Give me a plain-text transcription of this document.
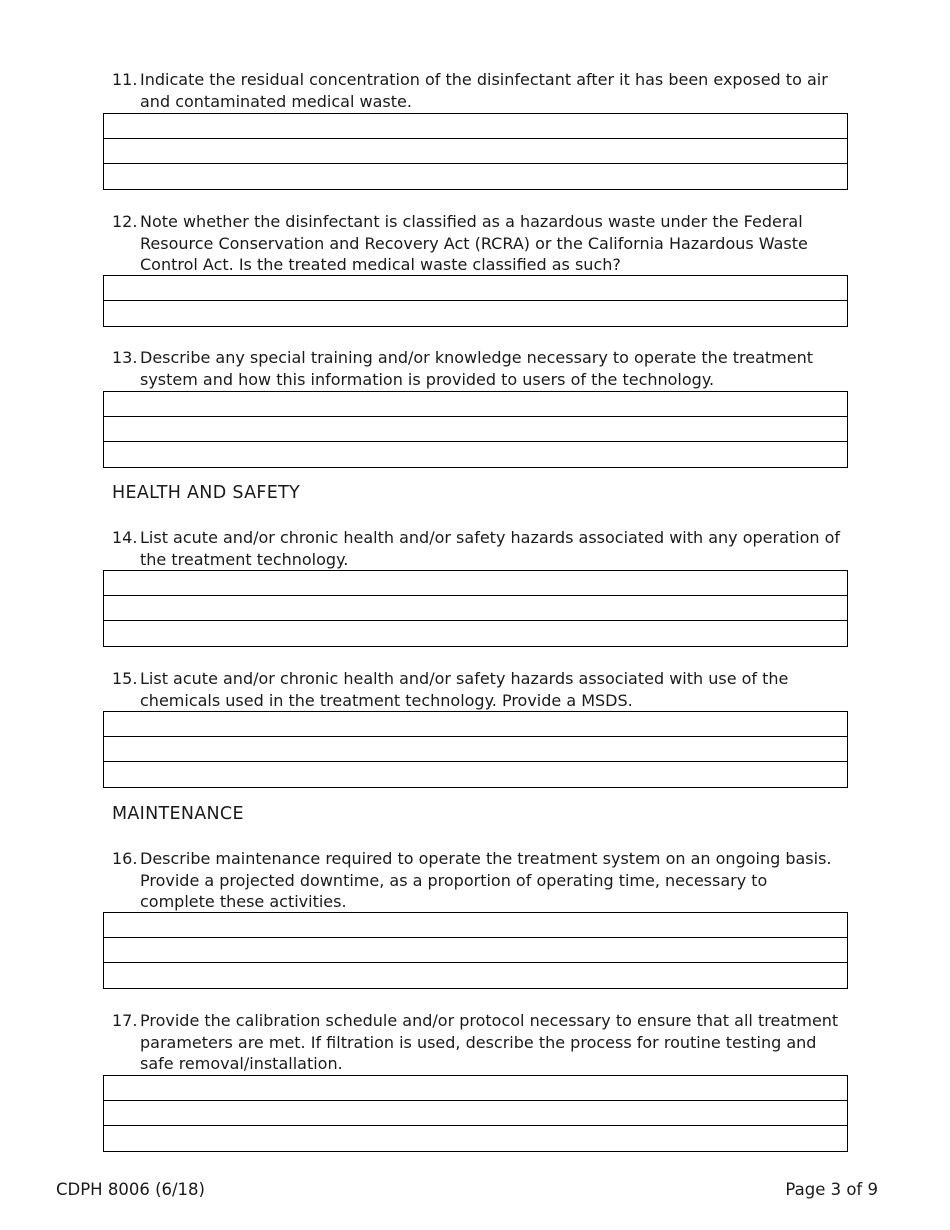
11. Indicate the residual concentration of the disinfectant after it has been exposed to air and contaminated medical waste.
12. Note whether the disinfectant is classified as a hazardous waste under the Federal Resource Conservation and Recovery Act (RCRA) or the California Hazardous Waste Control Act. Is the treated medical waste classified as such?
13. Describe any special training and/or knowledge necessary to operate the treatment system and how this information is provided to users of the technology.
HEALTH AND SAFETY
14. List acute and/or chronic health and/or safety hazards associated with any operation of the treatment technology.
15. List acute and/or chronic health and/or safety hazards associated with use of the chemicals used in the treatment technology. Provide a MSDS.
MAINTENANCE
16. Describe maintenance required to operate the treatment system on an ongoing basis. Provide a projected downtime, as a proportion of operating time, necessary to complete these activities.
17. Provide the calibration schedule and/or protocol necessary to ensure that all treatment parameters are met. If filtration is used, describe the process for routine testing and safe removal/installation.
CDPH 8006 (6/18)	Page 3 of 9
